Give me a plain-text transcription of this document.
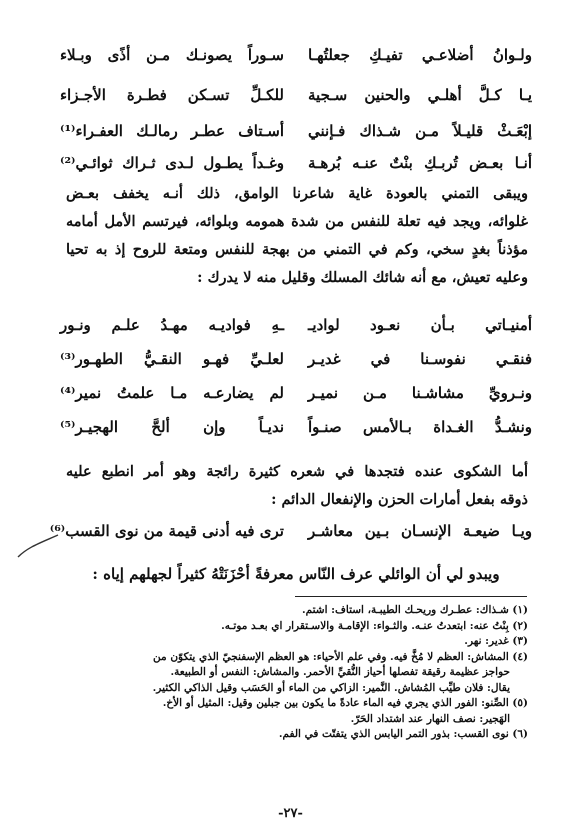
ولـوانُ أضلاعـي تفيـكِ جعلتُهـا
سـوراً يصونـك مـن أذًى وبـلاء
يـا كـلَّ أهلـي والحنين سـجية
للكـلِّ تسـكن فطـرة الأجـزاء
إبْعَـثْ قليـلاً مـن شـذاك فـإنني
أسـتاف عطـر رمالـك العفـراء⁽¹⁾
أنـا بعـض تُربـكِ بنْتٌ عنـه بُرهـة
وغـداً يطـول لـدى ثـراك ثوائـي⁽²⁾
ويبقى التمني بالعودة غاية شاعرنا الوامق، ذلك أنـه يخفف بعـض
غلوائه، ويجد فيه تعلة للنفس من شدة همومه وبلوائه، فيرتسم الأمل أمامه
مؤذناً بغدٍ سخي، وكم في التمني من بهجة للنفس ومتعة للروح إذ به تحيا
وعليه تعيش، مع أنه شائك المسلك وقليل منه لا يدرك :
أمنيـاتي بـأن نعـود لواديـ
ـهِ فواديـه مهـدُ علـم ونـور
فنقـي نفوسـنا في غديـر
لعلـيِّ فهـو النقـيُّ الطهـور⁽³⁾
ونـرويِّ مشاشـنا مـن نميـر
لم يضارعـه مـا علمتُ نمير⁽⁴⁾
ونشـدُّ الغـداة بـالأمس صنـواً
نديـاً وإن ألحَّ الهجيـر⁽⁵⁾
أما الشكوى عنده فتجدها في شعره كثيرة رائجة وهو أمر انطبع عليه
ذوقه بفعل أمارات الحزن والإنفعال الدائم :
ويـا ضيعـة الإنسـان بـين معاشـر
ترى فيه أدنى قيمة من نوى القسب⁽⁶⁾
ويبدو لي أن الوائلي عرف النّاس معرفةً أحْزَنَتْهُ كثيراً لجهلهم إياه :
(١) شـذاك: عطـرك وريحـك الطيبـة، استاف: اشتم.
(٢) بِنْتُ عنه: ابتعدتُ عنـه. والثـواء: الإقامـة والاسـتقرار اي بعـد موتـه.
(٣) غدير: نهر.
(٤) المشاش: العظم لا مُخَّ فيه. وفي علم الأحياء: هو العظم الإسفنجيّ الذي يتكوّن من
حواجز عظيمة رقيقة تفصلها أحياز النُّقيِّ الأحمر. والمشاش: النفس أو الطبيعة.
يقال: فلان طيِّب المُشاش. النَّمير: الزاكي من الماء أو الحَسَب وقيل الذاكي الكثير.
(٥) الصِّنو: الفور الذي يجري فيه الماء عادةً ما يكون بين جبلين وقيل: المثيل أو الأخ.
الهَجير: نصف النهار عند اشتداد الحَرّ.
(٦) نوى القسب: بذور التمر اليابس الذي يتفتّت في الفم.
-٢٧-
